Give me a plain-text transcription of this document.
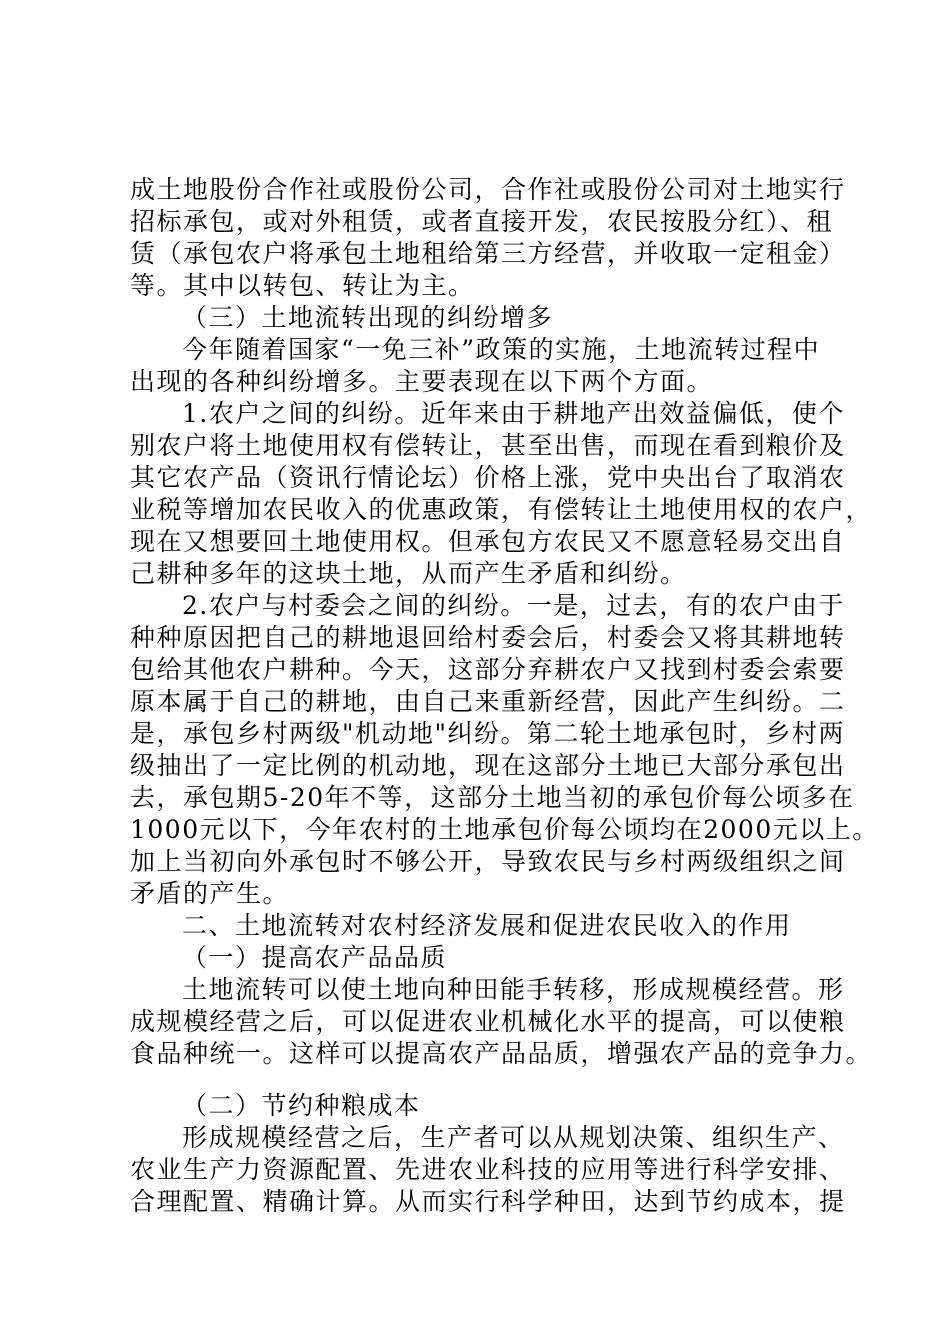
成土地股份合作社或股份公司，合作社或股份公司对土地实行
招标承包，或对外租赁，或者直接开发，农民按股分红）、租
赁（承包农户将承包土地租给第三方经营，并收取一定租金）
等。其中以转包、转让为主。
（三）土地流转出现的纠纷增多
今年随着国家“一免三补”政策的实施，土地流转过程中
出现的各种纠纷增多。主要表现在以下两个方面。
1.农户之间的纠纷。近年来由于耕地产出效益偏低，使个
别农户将土地使用权有偿转让，甚至出售，而现在看到粮价及
其它农产品（资讯行情论坛）价格上涨，党中央出台了取消农
业税等增加农民收入的优惠政策，有偿转让土地使用权的农户，
现在又想要回土地使用权。但承包方农民又不愿意轻易交出自
己耕种多年的这块土地，从而产生矛盾和纠纷。
2.农户与村委会之间的纠纷。一是，过去，有的农户由于
种种原因把自己的耕地退回给村委会后，村委会又将其耕地转
包给其他农户耕种。今天，这部分弃耕农户又找到村委会索要
原本属于自己的耕地，由自己来重新经营，因此产生纠纷。二
是，承包乡村两级"机动地"纠纷。第二轮土地承包时，乡村两
级抽出了一定比例的机动地，现在这部分土地已大部分承包出
去，承包期5-20年不等，这部分土地当初的承包价每公顷多在
1000元以下，今年农村的土地承包价每公顷均在2000元以上。
加上当初向外承包时不够公开，导致农民与乡村两级组织之间
矛盾的产生。
二、土地流转对农村经济发展和促进农民收入的作用
（一）提高农产品品质
土地流转可以使土地向种田能手转移，形成规模经营。形
成规模经营之后，可以促进农业机械化水平的提高，可以使粮
食品种统一。这样可以提高农产品品质，增强农产品的竞争力。
（二）节约种粮成本
形成规模经营之后，生产者可以从规划决策、组织生产、
农业生产力资源配置、先进农业科技的应用等进行科学安排、
合理配置、精确计算。从而实行科学种田，达到节约成本，提
